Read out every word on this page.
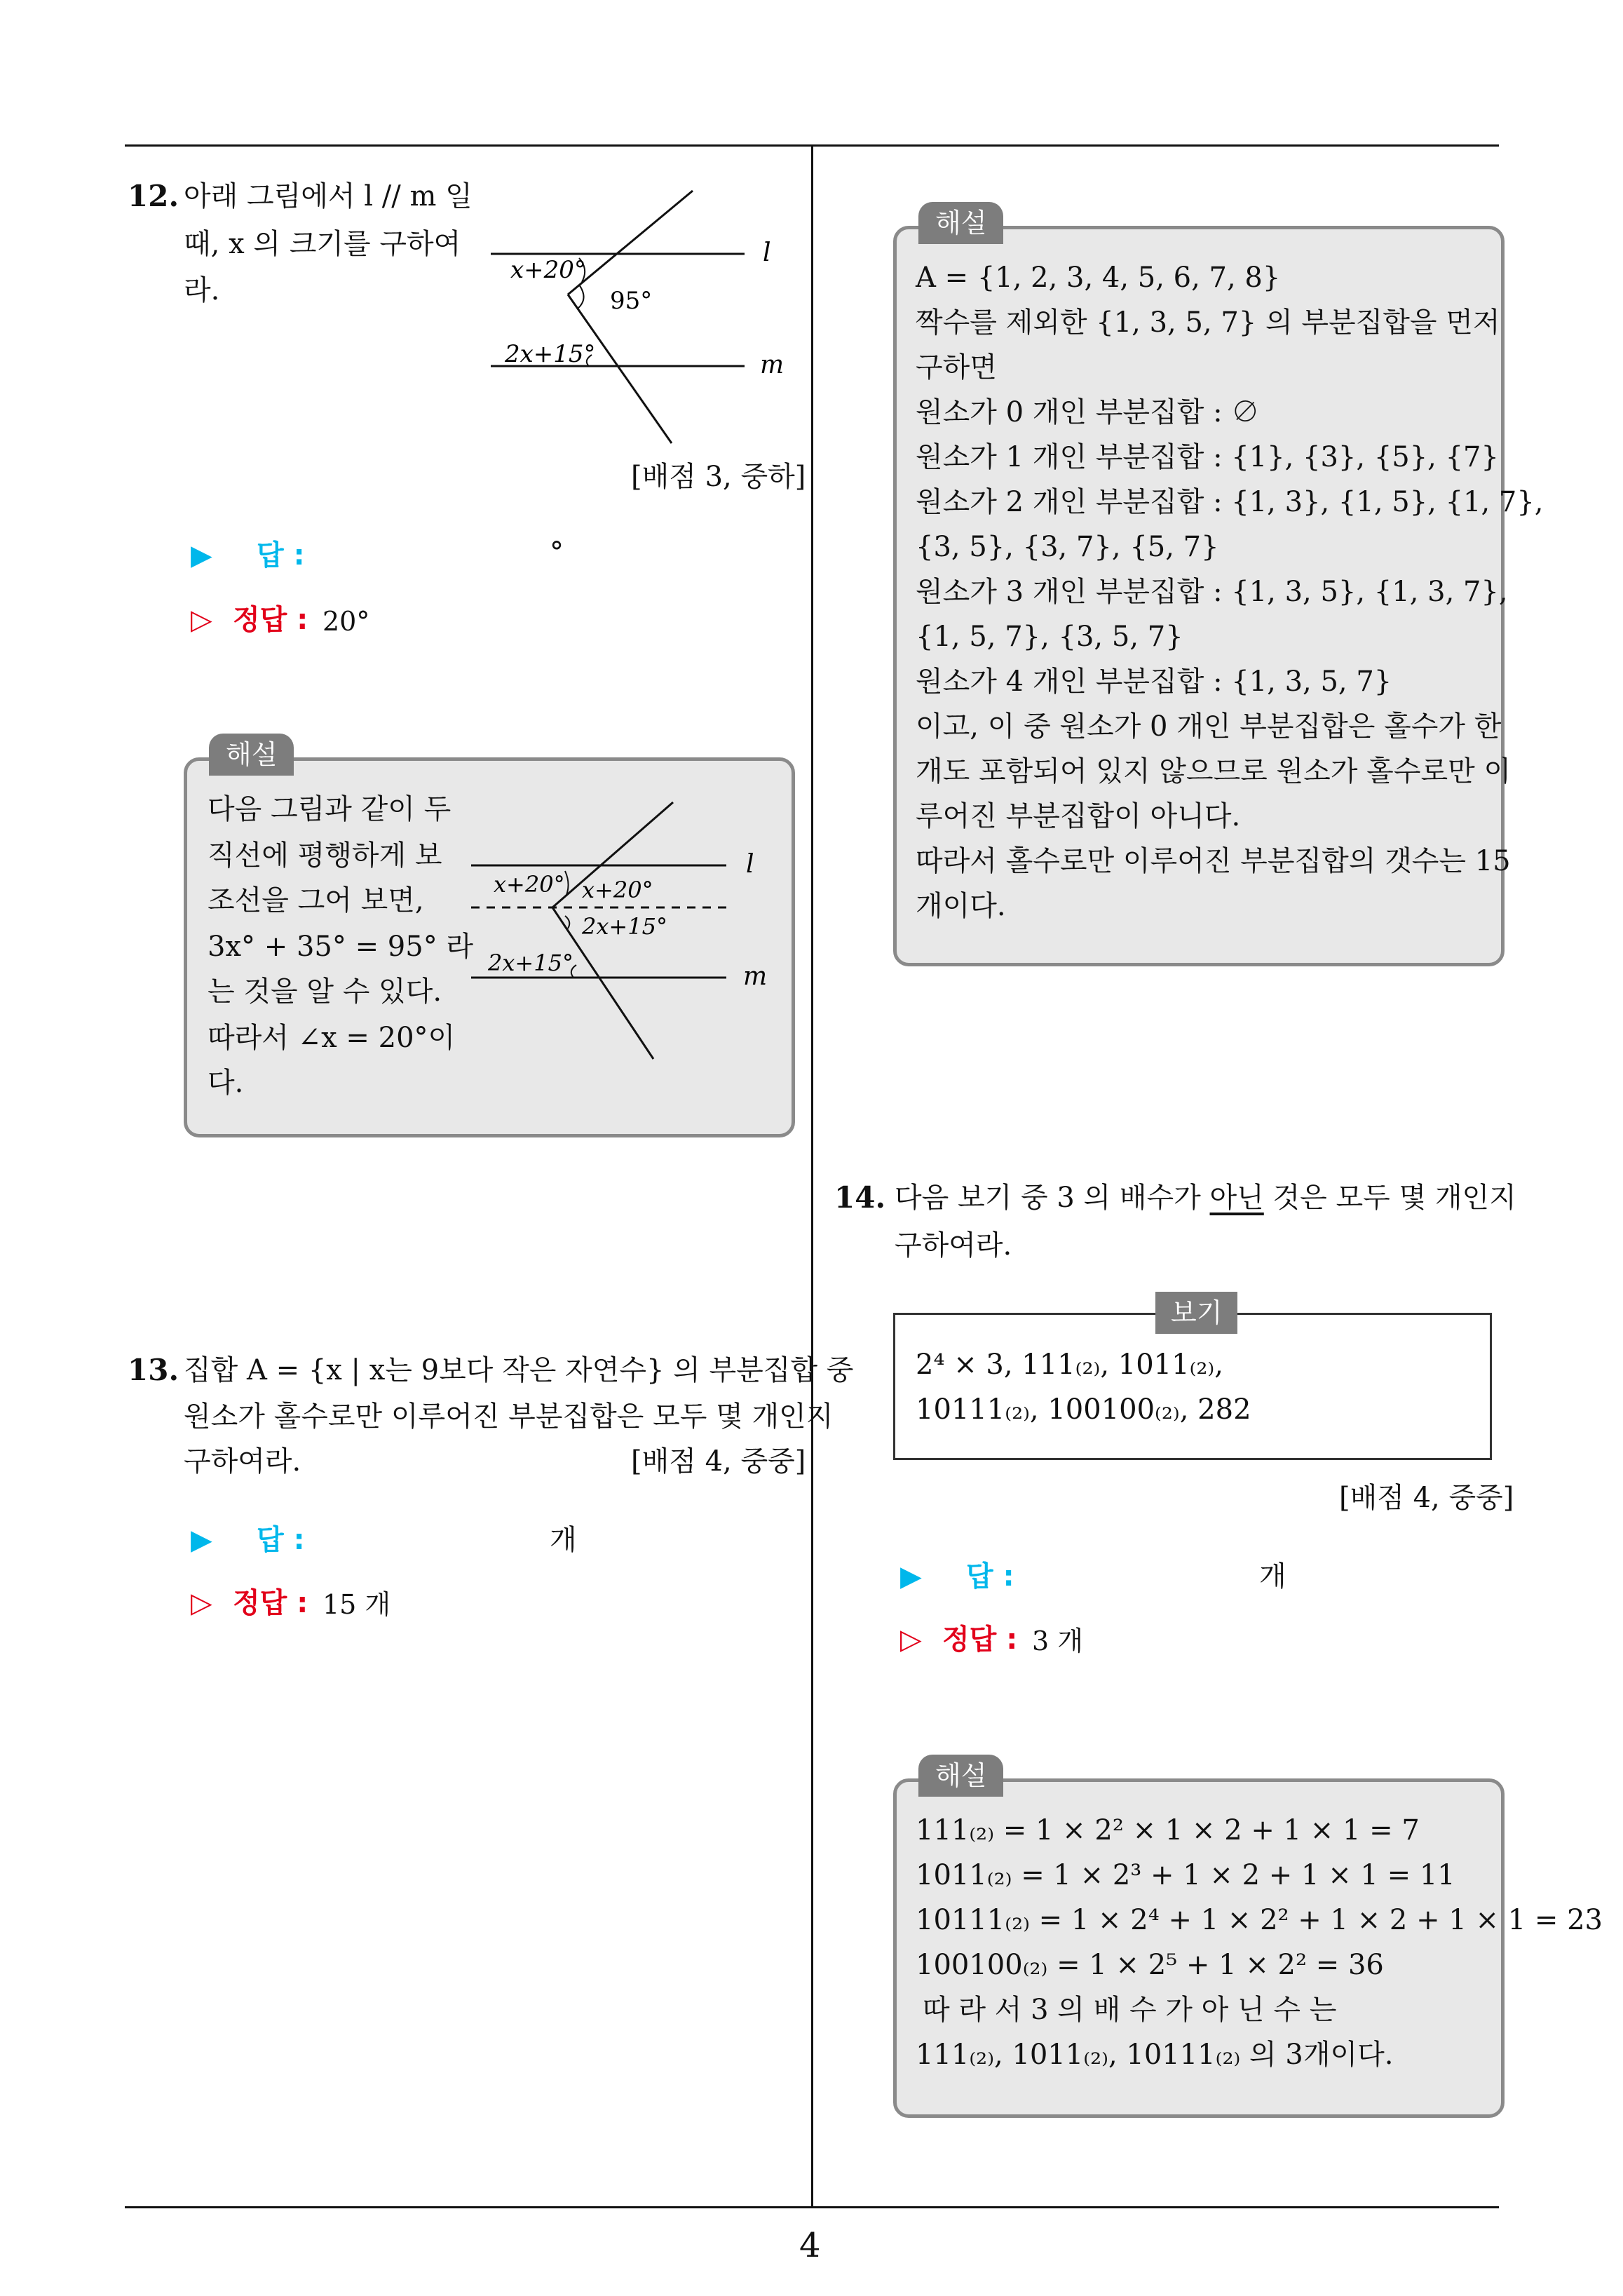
4
12. 아래 그림에서 l // m 일
때, x 의 크기를 구하여
라.
x+20°
95°
2x+15°
l
m
[배점 3, 중하]
▶ 답 :	°
▷ 정답 : 20°
해설
다음 그림과 같이 두
직선에 평행하게 보
조선을 그어 보면,
3x° + 35° = 95° 라
는 것을 알 수 있다.
따라서 ∠x = 20°이
다.
x+20° x+20°
2x+15°
2x+15°
l
m
13. 집합 A = {x | x는 9보다 작은 자연수} 의 부분집합 중
원소가 홀수로만 이루어진 부분집합은 모두 몇 개인지
구하여라.	[배점 4, 중중]
▶ 답 :	개
▷ 정답 : 15 개
해설
A = {1, 2, 3, 4, 5, 6, 7, 8}
짝수를 제외한 {1, 3, 5, 7} 의 부분집합을 먼저
구하면
원소가 0 개인 부분집합 : ∅
원소가 1 개인 부분집합 : {1}, {3}, {5}, {7}
원소가 2 개인 부분집합 : {1, 3}, {1, 5}, {1, 7},
{3, 5}, {3, 7}, {5, 7}
원소가 3 개인 부분집합 : {1, 3, 5}, {1, 3, 7},
{1, 5, 7}, {3, 5, 7}
원소가 4 개인 부분집합 : {1, 3, 5, 7}
이고, 이 중 원소가 0 개인 부분집합은 홀수가 한
개도 포함되어 있지 않으므로 원소가 홀수로만 이
루어진 부분집합이 아니다.
따라서 홀수로만 이루어진 부분집합의 갯수는 15
개이다.
14. 다음 보기 중 3 의 배수가 아닌 것은 모두 몇 개인지
구하여라.
보기
2⁴ × 3, 111₍₂₎, 1011₍₂₎,
10111₍₂₎, 100100₍₂₎, 282
[배점 4, 중중]
▶ 답 :	개
▷ 정답 : 3 개
해설
111₍₂₎ = 1 × 2² × 1 × 2 + 1 × 1 = 7
1011₍₂₎ = 1 × 2³ + 1 × 2 + 1 × 1 = 11
10111₍₂₎ = 1 × 2⁴ + 1 × 2² + 1 × 2 + 1 × 1 = 23
100100₍₂₎ = 1 × 2⁵ + 1 × 2² = 36
따 라 서 3 의 배 수 가 아 닌 수 는
111₍₂₎, 1011₍₂₎, 10111₍₂₎ 의 3개이다.
